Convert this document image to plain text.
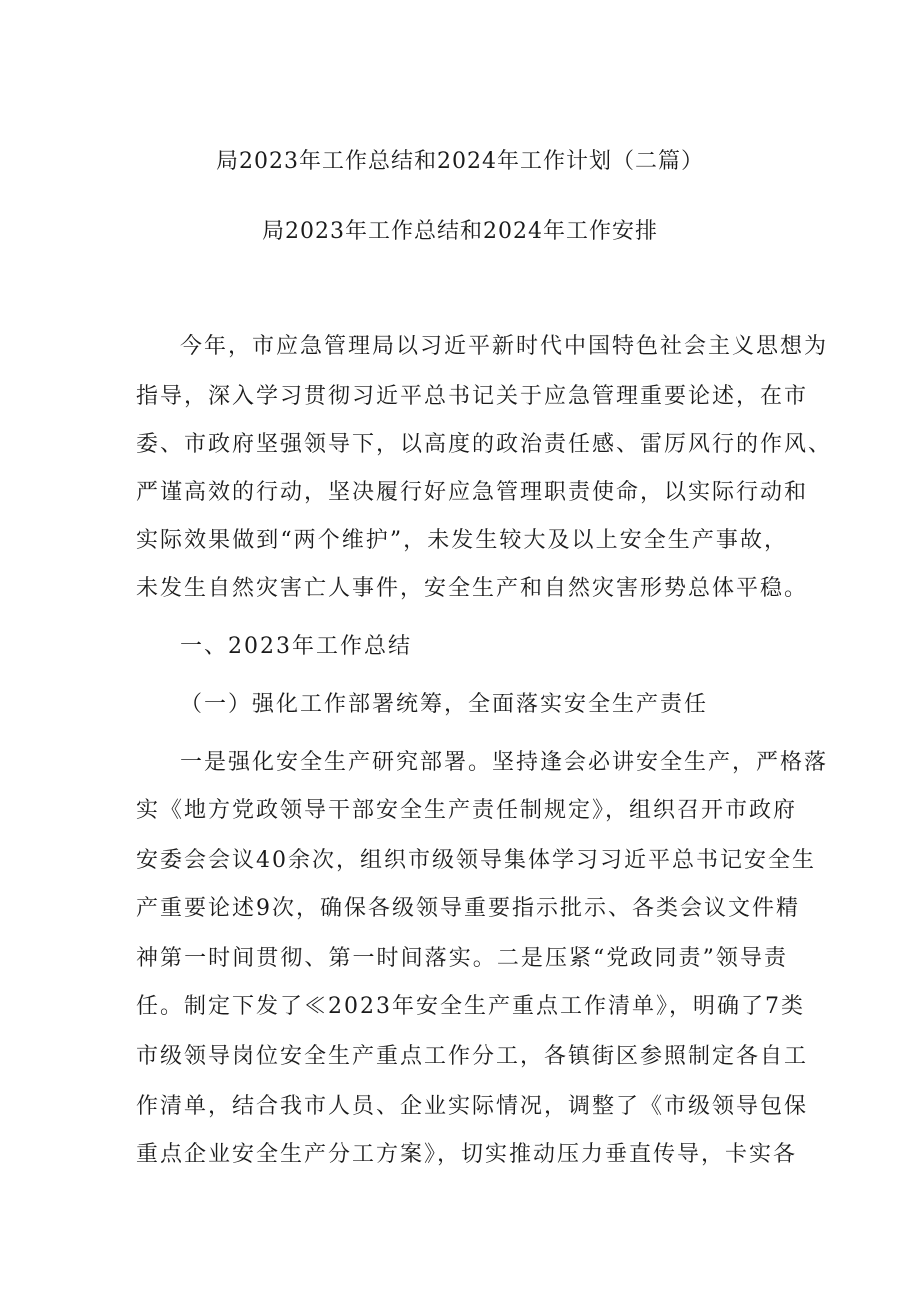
局2023年工作总结和2024年工作计划（二篇）
局2023年工作总结和2024年工作安排
今年，市应急管理局以习近平新时代中国特色社会主义思想为
指导，深入学习贯彻习近平总书记关于应急管理重要论述，在市
委、市政府坚强领导下，以高度的政治责任感、雷厉风行的作风、
严谨高效的行动，坚决履行好应急管理职责使命，以实际行动和
实际效果做到“两个维护”，未发生较大及以上安全生产事故，
未发生自然灾害亡人事件，安全生产和自然灾害形势总体平稳。
一、2023年工作总结
（一）强化工作部署统筹，全面落实安全生产责任
一是强化安全生产研究部署。坚持逢会必讲安全生产，严格落
实《地方党政领导干部安全生产责任制规定》，组织召开市政府
安委会会议40余次，组织市级领导集体学习习近平总书记安全生
产重要论述9次，确保各级领导重要指示批示、各类会议文件精
神第一时间贯彻、第一时间落实。二是压紧“党政同责”领导责
任。制定下发了≪2023年安全生产重点工作清单》，明确了7类
市级领导岗位安全生产重点工作分工，各镇街区参照制定各自工
作清单，结合我市人员、企业实际情况，调整了《市级领导包保
重点企业安全生产分工方案》，切实推动压力垂直传导，卡实各
